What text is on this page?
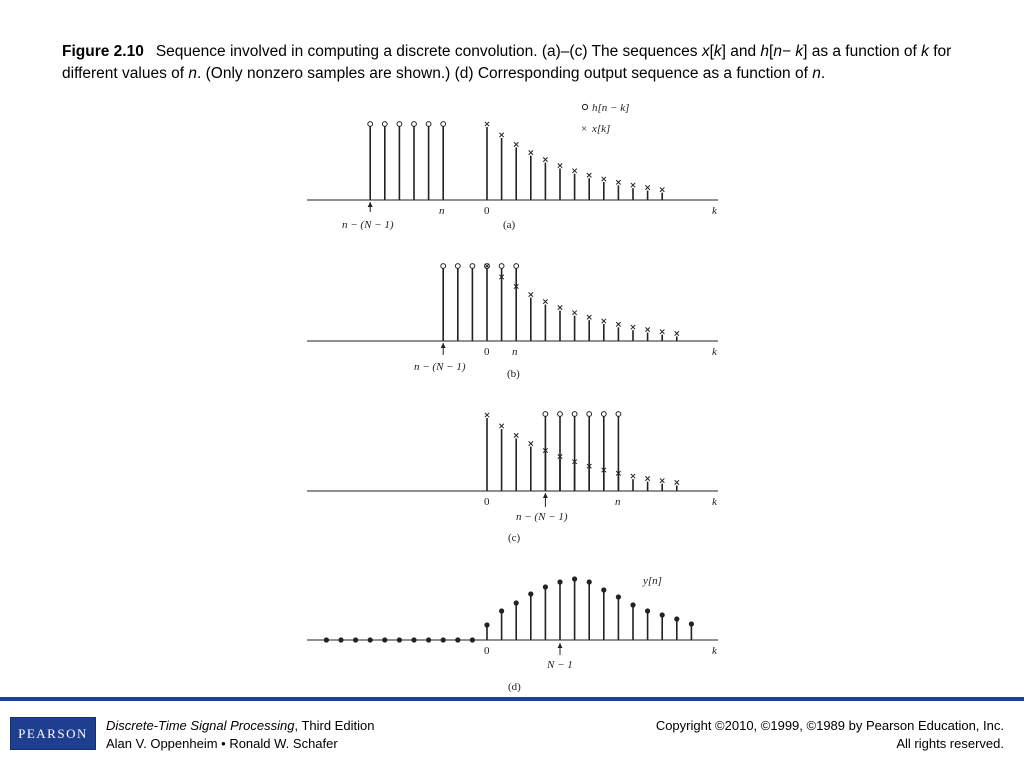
Figure 2.10 Sequence involved in computing a discrete convolution. (a)–(c) The sequences x[k] and h[n− k] as a function of k for different values of n. (Only nonzero samples are shown.) (d) Corresponding output sequence as a function of n.
h[n − k]
× x[k]
k
0
n
n − (N − 1)	(a)
k
0 n
n − (N − 1)
(b)
k
0	n
n − (N − 1)
(c)
y[n]
k
0
N − 1
(d)
PEARSON	Discrete-Time Signal Processing, Third Edition
Alan V. Oppenheim • Ronald W. Schafer
Copyright ©2010, ©1999, ©1989 by Pearson Education, Inc.
All rights reserved.
